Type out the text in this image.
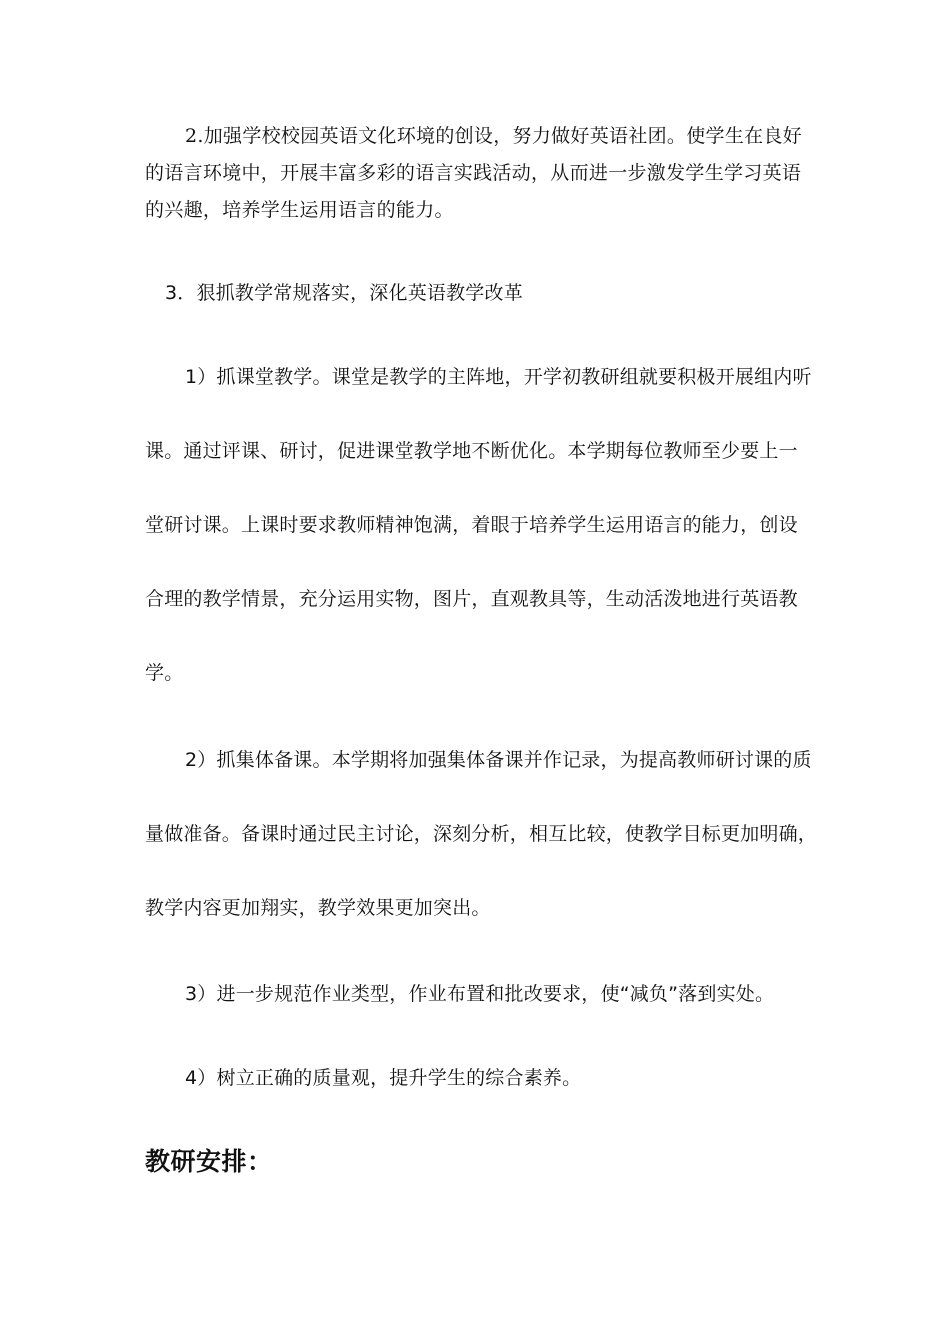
2.加强学校校园英语文化环境的创设，努力做好英语社团。使学生在良好
的语言环境中，开展丰富多彩的语言实践活动，从而进一步激发学生学习英语
的兴趣，培养学生运用语言的能力。

3．狠抓教学常规落实，深化英语教学改革

1）抓课堂教学。课堂是教学的主阵地，开学初教研组就要积极开展组内听
课。通过评课、研讨，促进课堂教学地不断优化。本学期每位教师至少要上一
堂研讨课。上课时要求教师精神饱满，着眼于培养学生运用语言的能力，创设
合理的教学情景，充分运用实物，图片，直观教具等，生动活泼地进行英语教
学。

2）抓集体备课。本学期将加强集体备课并作记录，为提高教师研讨课的质
量做准备。备课时通过民主讨论，深刻分析，相互比较，使教学目标更加明确，
教学内容更加翔实，教学效果更加突出。

3）进一步规范作业类型，作业布置和批改要求，使“减负”落到实处。

4）树立正确的质量观，提升学生的综合素养。

教研安排：
